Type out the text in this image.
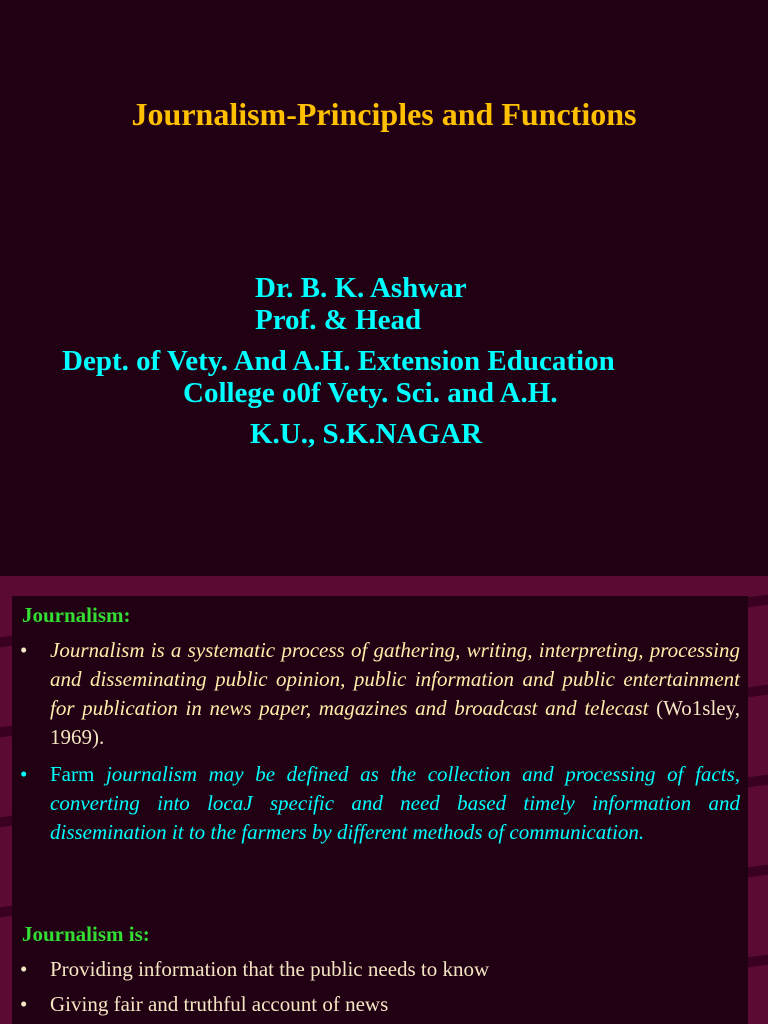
Journalism-Principles and Functions
Dr. B. K. Ashwar
Prof. & Head
Dept. of Vety. And A.H. Extension Education
College o0f Vety. Sci. and A.H.
K.U., S.K.NAGAR
Journalism:
• Journalism is a systematic process of gathering, writing, interpreting, processing and disseminating public opinion, public information and public entertainment for publication in news paper, magazines and broadcast and telecast (Wo1sley, 1969).
• Farm journalism may be defined as the collection and processing of facts, converting into locaJ specific and need based timely information and dissemination it to the farmers by different methods of communication.
Journalism is:
• Providing information that the public needs to know
• Giving fair and truthful account of news
